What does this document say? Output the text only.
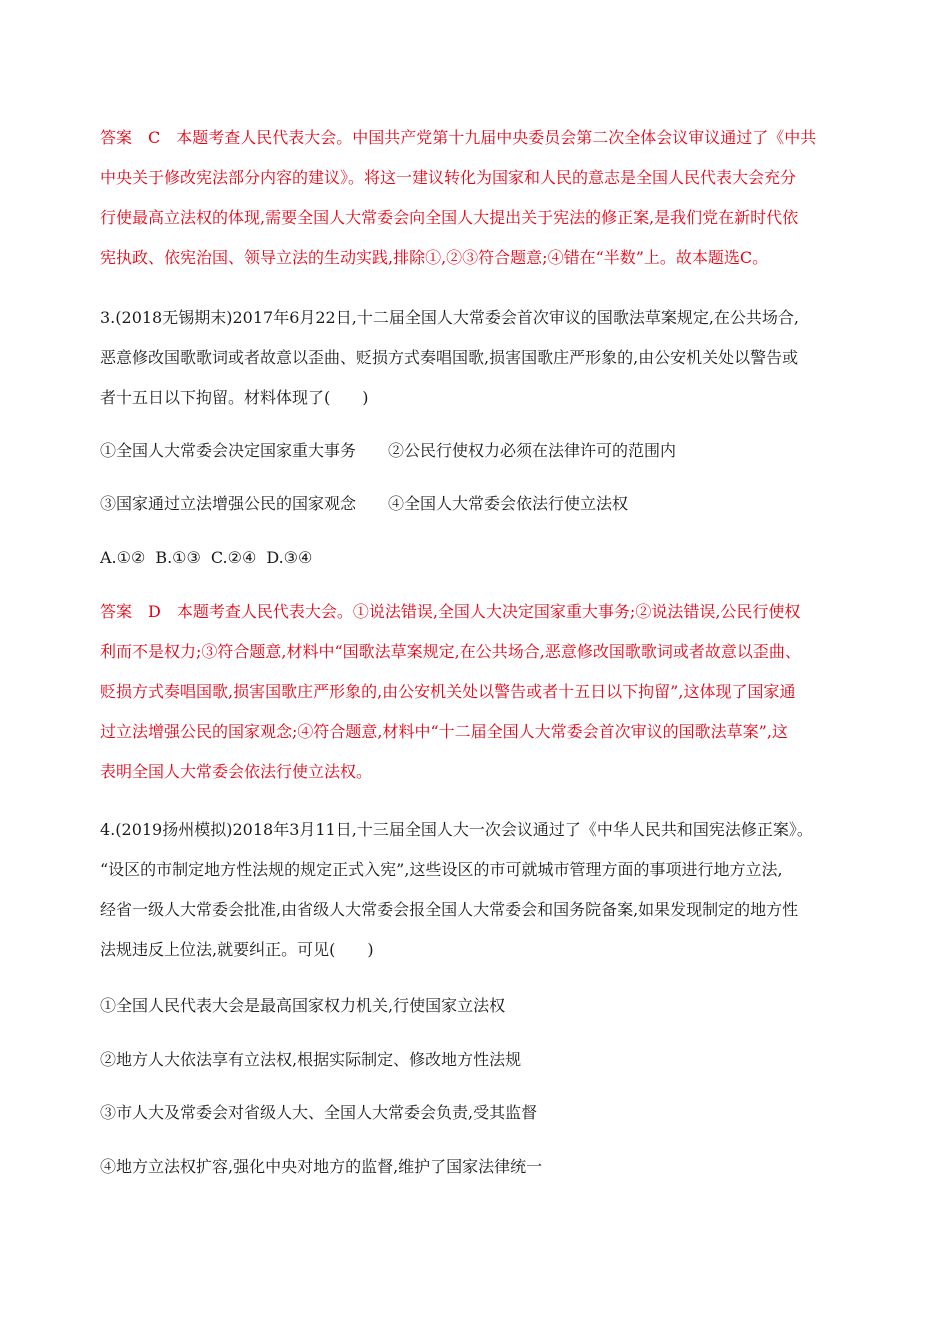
答案 C 本题考查人民代表大会。中国共产党第十九届中央委员会第二次全体会议审议通过了《中共
中央关于修改宪法部分内容的建议》。将这一建议转化为国家和人民的意志是全国人民代表大会充分
行使最高立法权的体现,需要全国人大常委会向全国人大提出关于宪法的修正案,是我们党在新时代依
宪执政、依宪治国、领导立法的生动实践,排除①,②③符合题意;④错在“半数”上。故本题选C。
3.(2018无锡期末)2017年6月22日,十二届全国人大常委会首次审议的国歌法草案规定,在公共场合,
恶意修改国歌歌词或者故意以歪曲、贬损方式奏唱国歌,损害国歌庄严形象的,由公安机关处以警告或
者十五日以下拘留。材料体现了(　　)
①全国人大常委会决定国家重大事务 ②公民行使权力必须在法律许可的范围内
③国家通过立法增强公民的国家观念 ④全国人大常委会依法行使立法权
A.①② B.①③ C.②④ D.③④
答案 D 本题考查人民代表大会。①说法错误,全国人大决定国家重大事务;②说法错误,公民行使权
利而不是权力;③符合题意,材料中“国歌法草案规定,在公共场合,恶意修改国歌歌词或者故意以歪曲、
贬损方式奏唱国歌,损害国歌庄严形象的,由公安机关处以警告或者十五日以下拘留”,这体现了国家通
过立法增强公民的国家观念;④符合题意,材料中“十二届全国人大常委会首次审议的国歌法草案”,这
表明全国人大常委会依法行使立法权。
4.(2019扬州模拟)2018年3月11日,十三届全国人大一次会议通过了《中华人民共和国宪法修正案》。
“设区的市制定地方性法规的规定正式入宪”,这些设区的市可就城市管理方面的事项进行地方立法,
经省一级人大常委会批准,由省级人大常委会报全国人大常委会和国务院备案,如果发现制定的地方性
法规违反上位法,就要纠正。可见(　　)
①全国人民代表大会是最高国家权力机关,行使国家立法权
②地方人大依法享有立法权,根据实际制定、修改地方性法规
③市人大及常委会对省级人大、全国人大常委会负责,受其监督
④地方立法权扩容,强化中央对地方的监督,维护了国家法律统一
